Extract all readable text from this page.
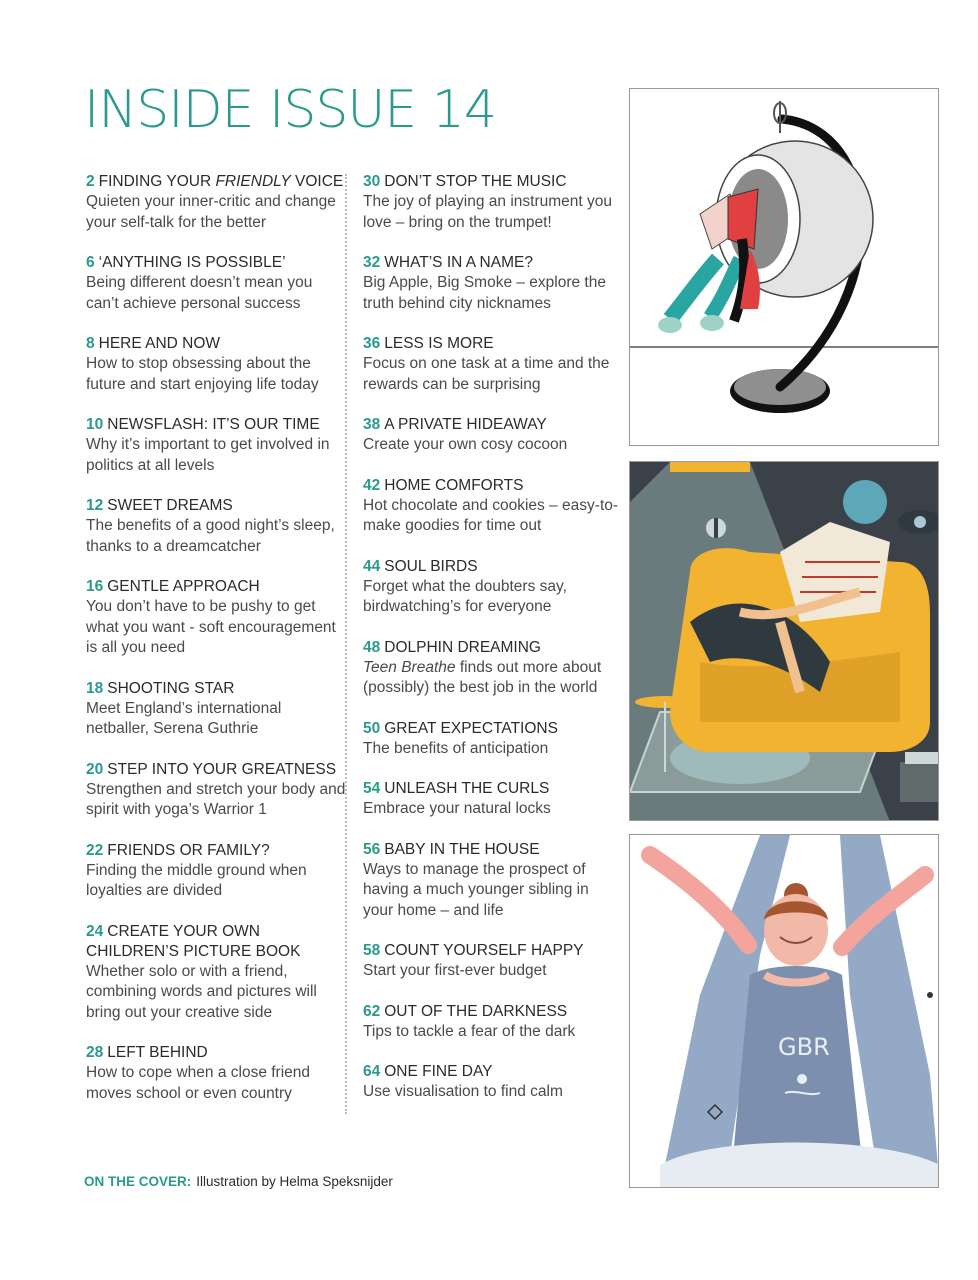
INSIDE ISSUE 14
2 FINDING YOUR FRIENDLY VOICE
Quieten your inner-critic and change your self-talk for the better
6 ‘ANYTHING IS POSSIBLE’
Being different doesn’t mean you can’t achieve personal success
8 HERE AND NOW
How to stop obsessing about the future and start enjoying life today
10 NEWSFLASH: IT’S OUR TIME
Why it’s important to get involved in politics at all levels
12 SWEET DREAMS
The benefits of a good night’s sleep, thanks to a dreamcatcher
16 GENTLE APPROACH
You don’t have to be pushy to get what you want - soft encouragement is all you need
18 SHOOTING STAR
Meet England’s international netballer, Serena Guthrie
20 STEP INTO YOUR GREATNESS
Strengthen and stretch your body and spirit with yoga’s Warrior 1
22 FRIENDS OR FAMILY?
Finding the middle ground when loyalties are divided
24 CREATE YOUR OWN CHILDREN’S PICTURE BOOK
Whether solo or with a friend, combining words and pictures will bring out your creative side
28 LEFT BEHIND
How to cope when a close friend moves school or even country
30 DON’T STOP THE MUSIC
The joy of playing an instrument you love – bring on the trumpet!
32 WHAT’S IN A NAME?
Big Apple, Big Smoke – explore the truth behind city nicknames
36 LESS IS MORE
Focus on one task at a time and the rewards can be surprising
38 A PRIVATE HIDEAWAY
Create your own cosy cocoon
42 HOME COMFORTS
Hot chocolate and cookies – easy-to-make goodies for time out
44 SOUL BIRDS
Forget what the doubters say, birdwatching’s for everyone
48 DOLPHIN DREAMING
Teen Breathe finds out more about (possibly) the best job in the world
50 GREAT EXPECTATIONS
The benefits of anticipation
54 UNLEASH THE CURLS
Embrace your natural locks
56 BABY IN THE HOUSE
Ways to manage the prospect of having a much younger sibling in your home – and life
58 COUNT YOURSELF HAPPY
Start your first-ever budget
62 OUT OF THE DARKNESS
Tips to tackle a fear of the dark
64 ONE FINE DAY
Use visualisation to find calm
GBR
ON THE COVER: Illustration by Helma Speksnijder
